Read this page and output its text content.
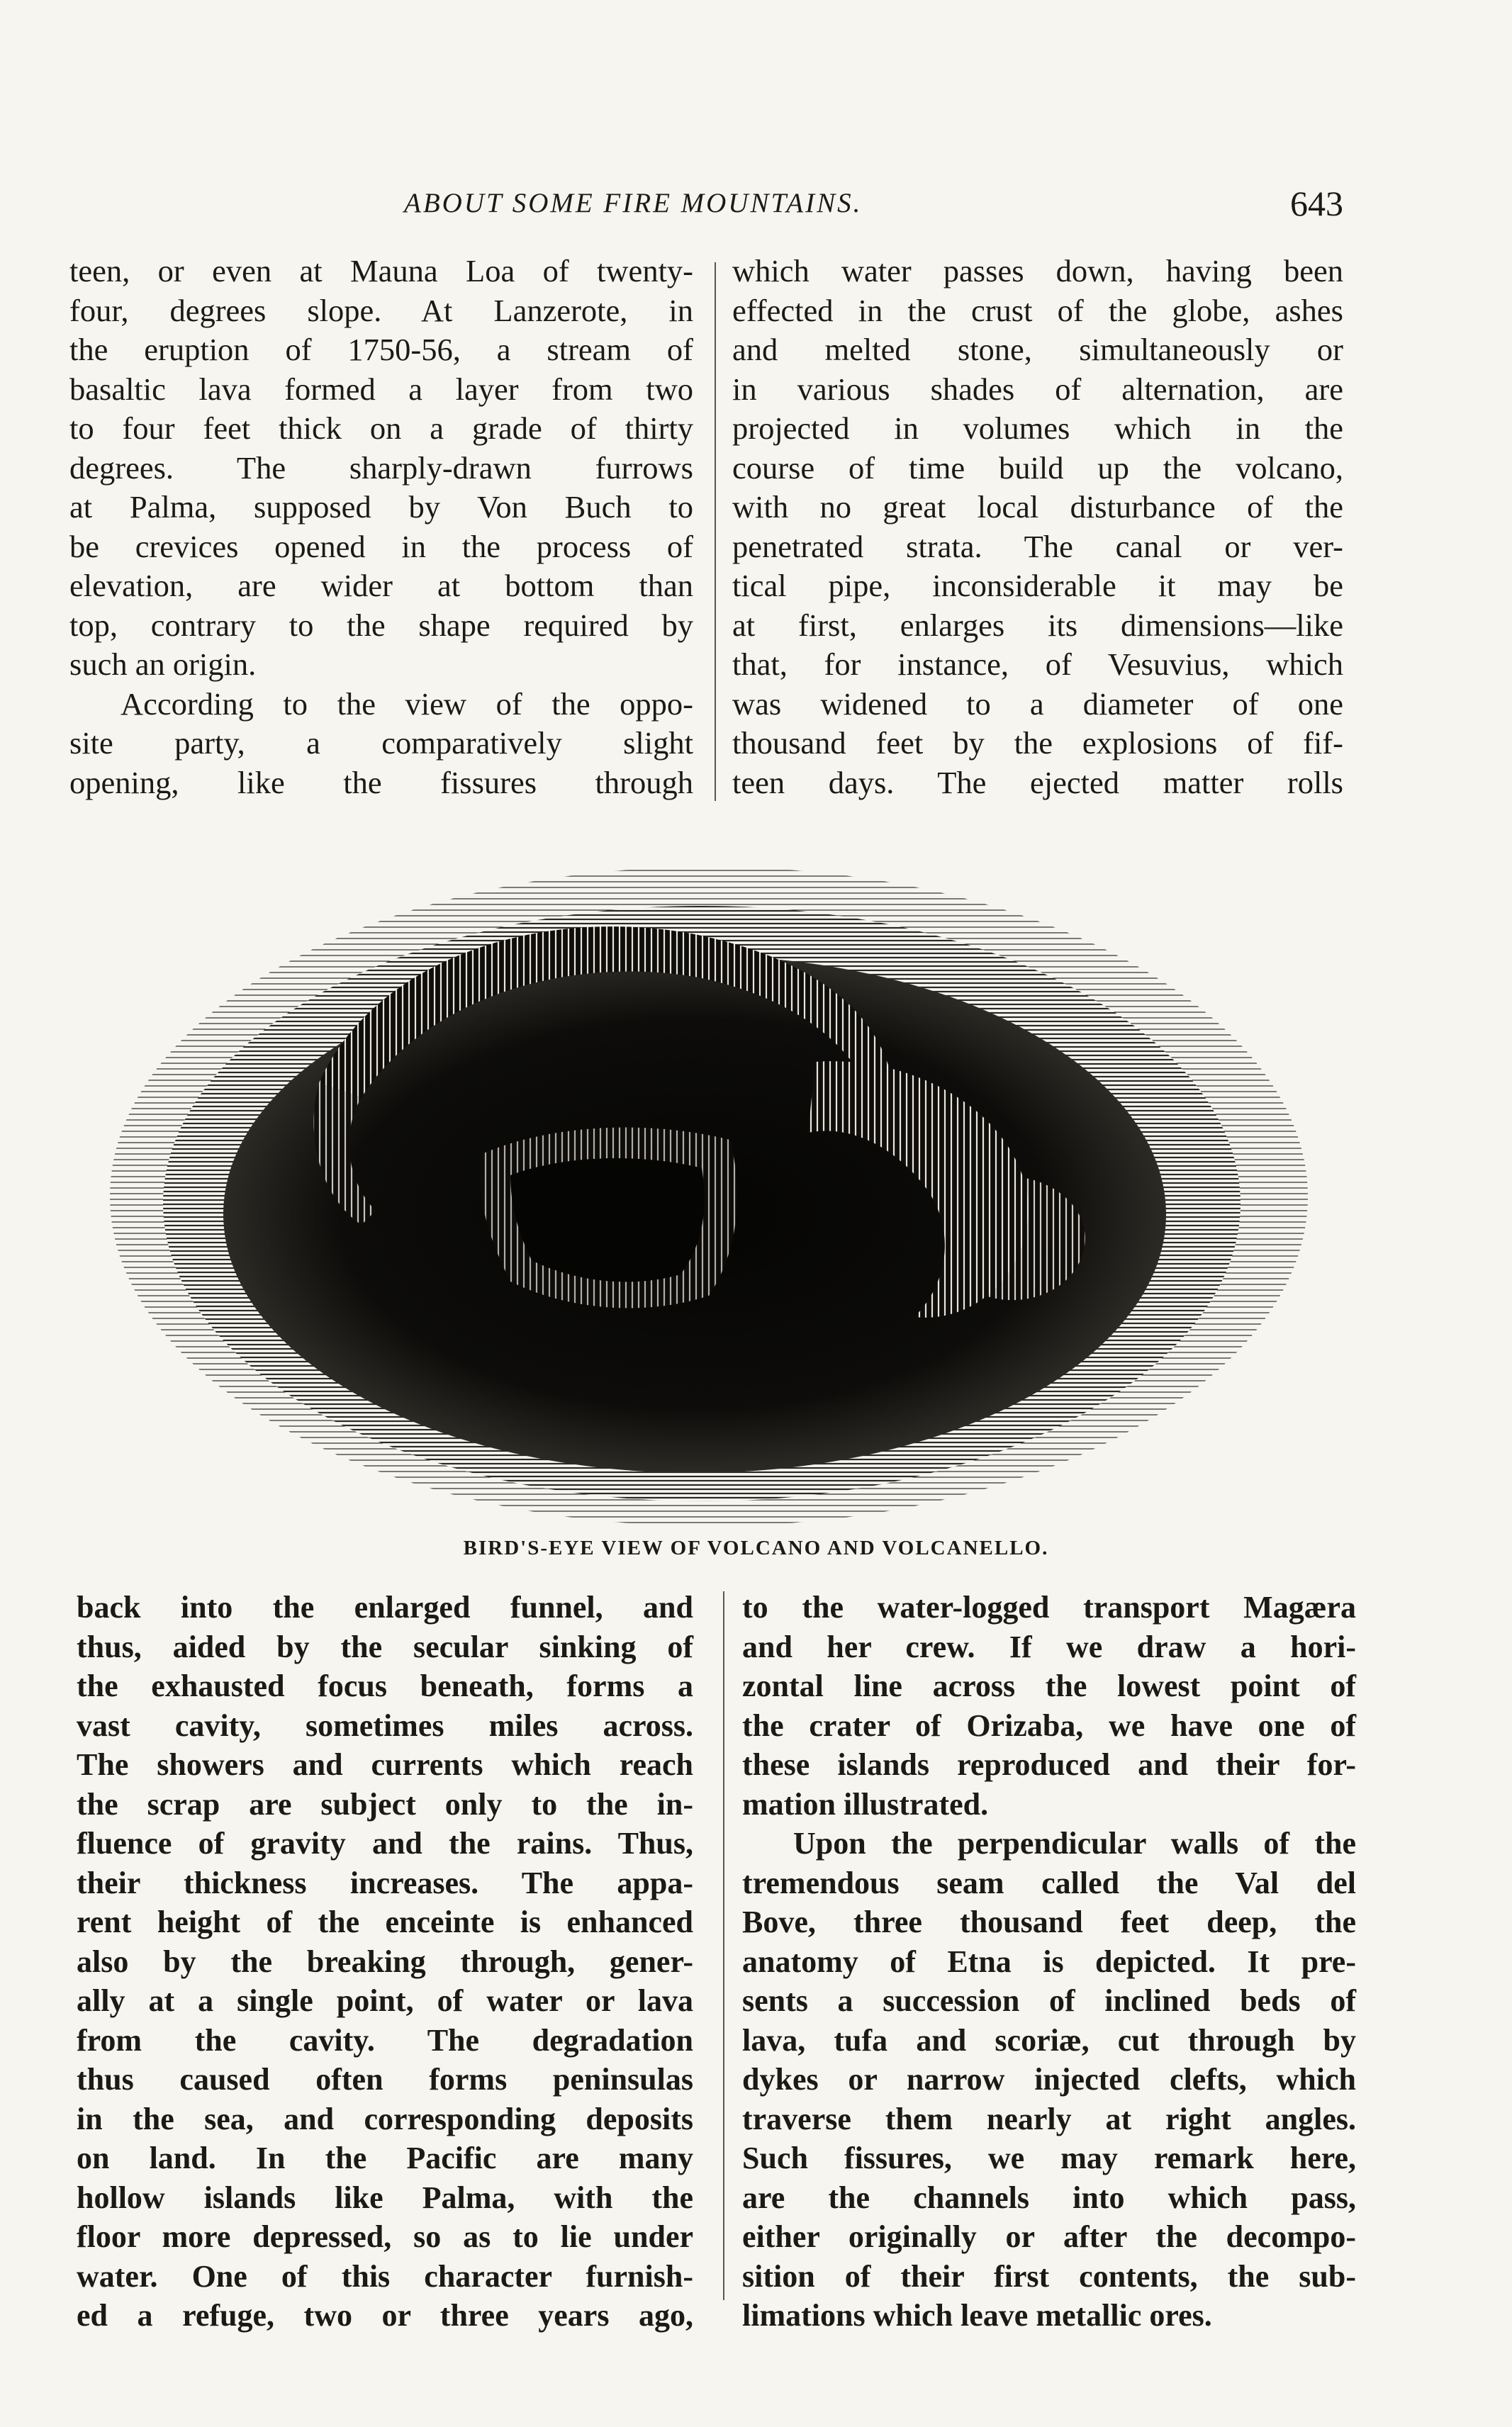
ABOUT SOME FIRE MOUNTAINS.	643
teen, or even at Mauna Loa of twenty-
four, degrees slope. At Lanzerote, in
the eruption of 1750-56, a stream of
basaltic lava formed a layer from two
to four feet thick on a grade of thirty
degrees. The sharply-drawn furrows
at Palma, supposed by Von Buch to
be crevices opened in the process of
elevation, are wider at bottom than
top, contrary to the shape required by
such an origin.
According to the view of the oppo-
site party, a comparatively slight
opening, like the fissures through
which water passes down, having been
effected in the crust of the globe, ashes
and melted stone, simultaneously or
in various shades of alternation, are
projected in volumes which in the
course of time build up the volcano,
with no great local disturbance of the
penetrated strata. The canal or ver-
tical pipe, inconsiderable it may be
at first, enlarges its dimensions—like
that, for instance, of Vesuvius, which
was widened to a diameter of one
thousand feet by the explosions of fif-
teen days. The ejected matter rolls
BIRD'S-EYE VIEW OF VOLCANO AND VOLCANELLO.
back into the enlarged funnel, and
thus, aided by the secular sinking of
the exhausted focus beneath, forms a
vast cavity, sometimes miles across.
The showers and currents which reach
the scrap are subject only to the in-
fluence of gravity and the rains. Thus,
their thickness increases. The appa-
rent height of the enceinte is enhanced
also by the breaking through, gener-
ally at a single point, of water or lava
from the cavity. The degradation
thus caused often forms peninsulas
in the sea, and corresponding deposits
on land. In the Pacific are many
hollow islands like Palma, with the
floor more depressed, so as to lie under
water. One of this character furnish-
ed a refuge, two or three years ago,
to the water-logged transport Magæra
and her crew. If we draw a hori-
zontal line across the lowest point of
the crater of Orizaba, we have one of
these islands reproduced and their for-
mation illustrated.
Upon the perpendicular walls of the
tremendous seam called the Val del
Bove, three thousand feet deep, the
anatomy of Etna is depicted. It pre-
sents a succession of inclined beds of
lava, tufa and scoriæ, cut through by
dykes or narrow injected clefts, which
traverse them nearly at right angles.
Such fissures, we may remark here,
are the channels into which pass,
either originally or after the decompo-
sition of their first contents, the sub-
limations which leave metallic ores.
